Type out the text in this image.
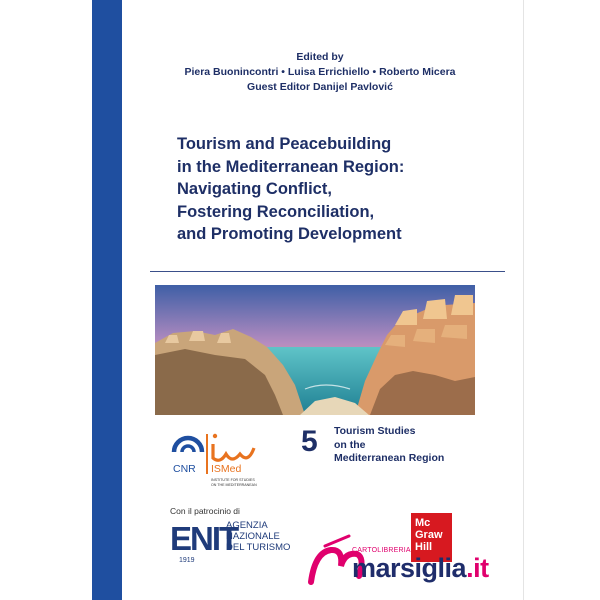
Edited by
Piera Buonincontri • Luisa Errichiello • Roberto Micera
Guest Editor Danijel Pavlović
Tourism and Peacebuilding
in the Mediterranean Region:
Navigating Conflict,
Fostering Reconciliation,
and Promoting Development
CNR ISMed
INSTITUTE FOR STUDIES
ON THE MEDITERRANEAN
5 Tourism Studies
on the
Mediterranean Region
Con il patrocinio di
ENIT
1919
AGENZIA
NAZIONALE
DEL TURISMO
Mc
Graw
Hill
CARTOLIBRERIA
marsiglia.it
